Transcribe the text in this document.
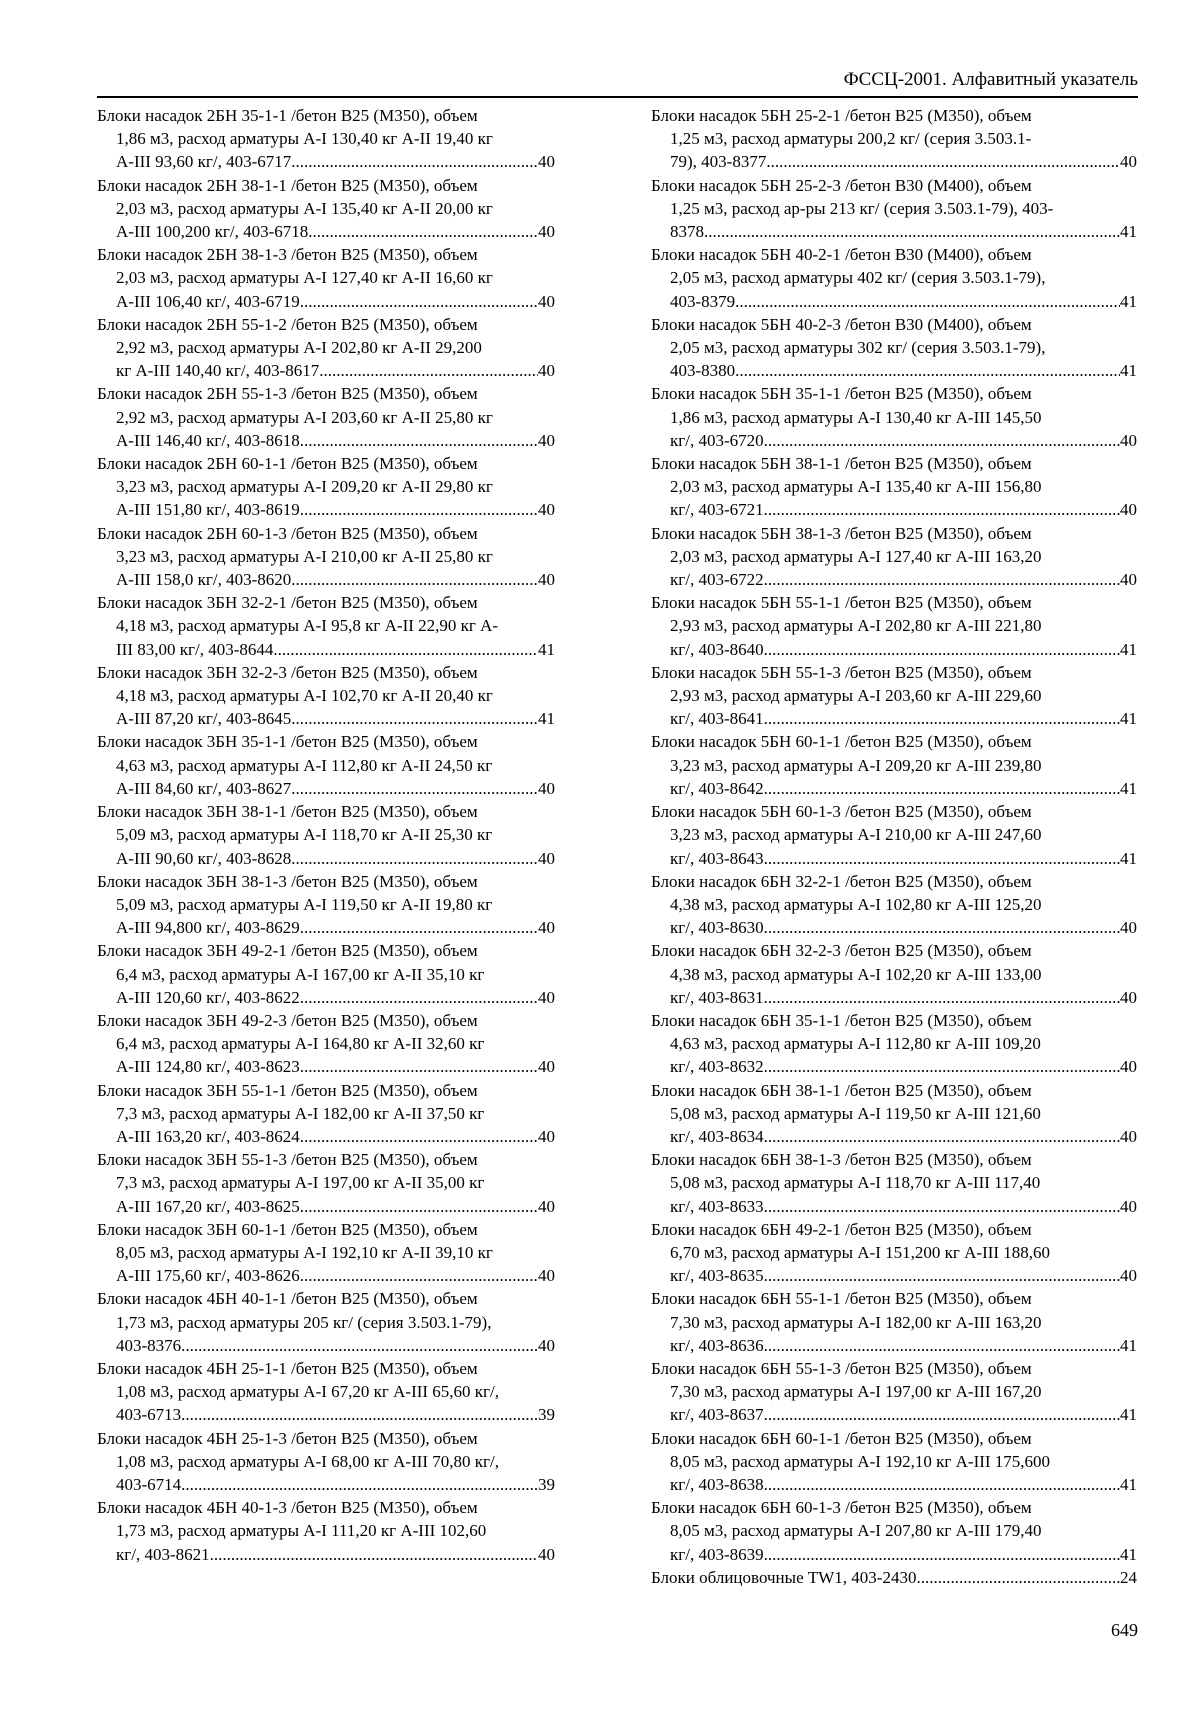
ФССЦ-2001. Алфавитный указатель
Блоки насадок 2БН 35-1-1 /бетон В25 (М350), объем
1,86 м3, расход арматуры А-I 130,40 кг А-II 19,40 кг
А-III 93,60 кг/, 403-6717 .....	40
Блоки насадок 2БН 38-1-1 /бетон В25 (М350), объем
2,03 м3, расход арматуры А-I 135,40 кг А-II 20,00 кг
А-III 100,200 кг/, 403-6718 .....	40
Блоки насадок 2БН 38-1-3 /бетон В25 (М350), объем
2,03 м3, расход арматуры А-I 127,40 кг А-II 16,60 кг
А-III 106,40 кг/, 403-6719 .....	40
Блоки насадок 2БН 55-1-2 /бетон В25 (М350), объем
2,92 м3, расход арматуры А-I 202,80 кг А-II 29,200
кг А-III 140,40 кг/, 403-8617 .....	40
Блоки насадок 2БН 55-1-3 /бетон В25 (М350), объем
2,92 м3, расход арматуры А-I 203,60 кг А-II 25,80 кг
А-III 146,40 кг/, 403-8618 .....	40
Блоки насадок 2БН 60-1-1 /бетон В25 (М350), объем
3,23 м3, расход арматуры А-I 209,20 кг А-II 29,80 кг
А-III 151,80 кг/, 403-8619 .....	40
Блоки насадок 2БН 60-1-3 /бетон В25 (М350), объем
3,23 м3, расход арматуры А-I 210,00 кг А-II 25,80 кг
А-III 158,0 кг/, 403-8620 .....	40
Блоки насадок 3БН 32-2-1 /бетон В25 (М350), объем
4,18 м3, расход арматуры А-I 95,8 кг А-II 22,90 кг А-
III 83,00 кг/, 403-8644 .....	41
Блоки насадок 3БН 32-2-3 /бетон В25 (М350), объем
4,18 м3, расход арматуры А-I 102,70 кг А-II 20,40 кг
А-III 87,20 кг/, 403-8645 .....	41
Блоки насадок 3БН 35-1-1 /бетон В25 (М350), объем
4,63 м3, расход арматуры А-I 112,80 кг А-II 24,50 кг
А-III 84,60 кг/, 403-8627 .....	40
Блоки насадок 3БН 38-1-1 /бетон В25 (М350), объем
5,09 м3, расход арматуры А-I 118,70 кг А-II 25,30 кг
А-III 90,60 кг/, 403-8628 .....	40
Блоки насадок 3БН 38-1-3 /бетон В25 (М350), объем
5,09 м3, расход арматуры А-I 119,50 кг А-II 19,80 кг
А-III 94,800 кг/, 403-8629 .....	40
Блоки насадок 3БН 49-2-1 /бетон В25 (М350), объем
6,4 м3, расход арматуры А-I 167,00 кг А-II 35,10 кг
А-III 120,60 кг/, 403-8622 .....	40
Блоки насадок 3БН 49-2-3 /бетон В25 (М350), объем
6,4 м3, расход арматуры А-I 164,80 кг А-II 32,60 кг
А-III 124,80 кг/, 403-8623 .....	40
Блоки насадок 3БН 55-1-1 /бетон В25 (М350), объем
7,3 м3, расход арматуры А-I 182,00 кг А-II 37,50 кг
А-III 163,20 кг/, 403-8624 .....	40
Блоки насадок 3БН 55-1-3 /бетон В25 (М350), объем
7,3 м3, расход арматуры А-I 197,00 кг А-II 35,00 кг
А-III 167,20 кг/, 403-8625 .....	40
Блоки насадок 3БН 60-1-1 /бетон В25 (М350), объем
8,05 м3, расход арматуры А-I 192,10 кг А-II 39,10 кг
А-III 175,60 кг/, 403-8626 .....	40
Блоки насадок 4БН 40-1-1 /бетон В25 (М350), объем
1,73 м3, расход арматуры 205 кг/ (серия 3.503.1-79),
403-8376 .....	40
Блоки насадок 4БН 25-1-1 /бетон В25 (М350), объем
1,08 м3, расход арматуры А-I 67,20 кг А-III 65,60 кг/,
403-6713 .....	39
Блоки насадок 4БН 25-1-3 /бетон В25 (М350), объем
1,08 м3, расход арматуры А-I 68,00 кг А-III 70,80 кг/,
403-6714 .....	39
Блоки насадок 4БН 40-1-3 /бетон В25 (М350), объем
1,73 м3, расход арматуры А-I 111,20 кг А-III 102,60
кг/, 403-8621 .....	40
Блоки насадок 5БН 25-2-1 /бетон В25 (М350), объем
1,25 м3, расход арматуры 200,2 кг/ (серия 3.503.1-
79), 403-8377 .....	40
Блоки насадок 5БН 25-2-3 /бетон В30 (М400), объем
1,25 м3, расход ар-ры 213 кг/ (серия 3.503.1-79), 403-
8378 .....	41
Блоки насадок 5БН 40-2-1 /бетон В30 (М400), объем
2,05 м3, расход арматуры 402 кг/ (серия 3.503.1-79),
403-8379 .....	41
Блоки насадок 5БН 40-2-3 /бетон В30 (М400), объем
2,05 м3, расход арматуры 302 кг/ (серия 3.503.1-79),
403-8380 .....	41
Блоки насадок 5БН 35-1-1 /бетон В25 (М350), объем
1,86 м3, расход арматуры А-I 130,40 кг А-III 145,50
кг/, 403-6720 .....	40
Блоки насадок 5БН 38-1-1 /бетон В25 (М350), объем
2,03 м3, расход арматуры А-I 135,40 кг А-III 156,80
кг/, 403-6721 .....	40
Блоки насадок 5БН 38-1-3 /бетон В25 (М350), объем
2,03 м3, расход арматуры А-I 127,40 кг А-III 163,20
кг/, 403-6722 .....	40
Блоки насадок 5БН 55-1-1 /бетон В25 (М350), объем
2,93 м3, расход арматуры А-I 202,80 кг А-III 221,80
кг/, 403-8640 .....	41
Блоки насадок 5БН 55-1-3 /бетон В25 (М350), объем
2,93 м3, расход арматуры А-I 203,60 кг А-III 229,60
кг/, 403-8641 .....	41
Блоки насадок 5БН 60-1-1 /бетон В25 (М350), объем
3,23 м3, расход арматуры А-I 209,20 кг А-III 239,80
кг/, 403-8642 .....	41
Блоки насадок 5БН 60-1-3 /бетон В25 (М350), объем
3,23 м3, расход арматуры А-I 210,00 кг А-III 247,60
кг/, 403-8643 .....	41
Блоки насадок 6БН 32-2-1 /бетон В25 (М350), объем
4,38 м3, расход арматуры А-I 102,80 кг А-III 125,20
кг/, 403-8630 .....	40
Блоки насадок 6БН 32-2-3 /бетон В25 (М350), объем
4,38 м3, расход арматуры А-I 102,20 кг А-III 133,00
кг/, 403-8631 .....	40
Блоки насадок 6БН 35-1-1 /бетон В25 (М350), объем
4,63 м3, расход арматуры А-I 112,80 кг А-III 109,20
кг/, 403-8632 .....	40
Блоки насадок 6БН 38-1-1 /бетон В25 (М350), объем
5,08 м3, расход арматуры А-I 119,50 кг А-III 121,60
кг/, 403-8634 .....	40
Блоки насадок 6БН 38-1-3 /бетон В25 (М350), объем
5,08 м3, расход арматуры А-I 118,70 кг А-III 117,40
кг/, 403-8633 .....	40
Блоки насадок 6БН 49-2-1 /бетон В25 (М350), объем
6,70 м3, расход арматуры А-I 151,200 кг А-III 188,60
кг/, 403-8635 .....	40
Блоки насадок 6БН 55-1-1 /бетон В25 (М350), объем
7,30 м3, расход арматуры А-I 182,00 кг А-III 163,20
кг/, 403-8636 .....	41
Блоки насадок 6БН 55-1-3 /бетон В25 (М350), объем
7,30 м3, расход арматуры А-I 197,00 кг А-III 167,20
кг/, 403-8637 .....	41
Блоки насадок 6БН 60-1-1 /бетон В25 (М350), объем
8,05 м3, расход арматуры А-I 192,10 кг А-III 175,600
кг/, 403-8638 .....	41
Блоки насадок 6БН 60-1-3 /бетон В25 (М350), объем
8,05 м3, расход арматуры А-I 207,80 кг А-III 179,40
кг/, 403-8639 .....	41
Блоки облицовочные TW1, 403-2430 .....	24
649
